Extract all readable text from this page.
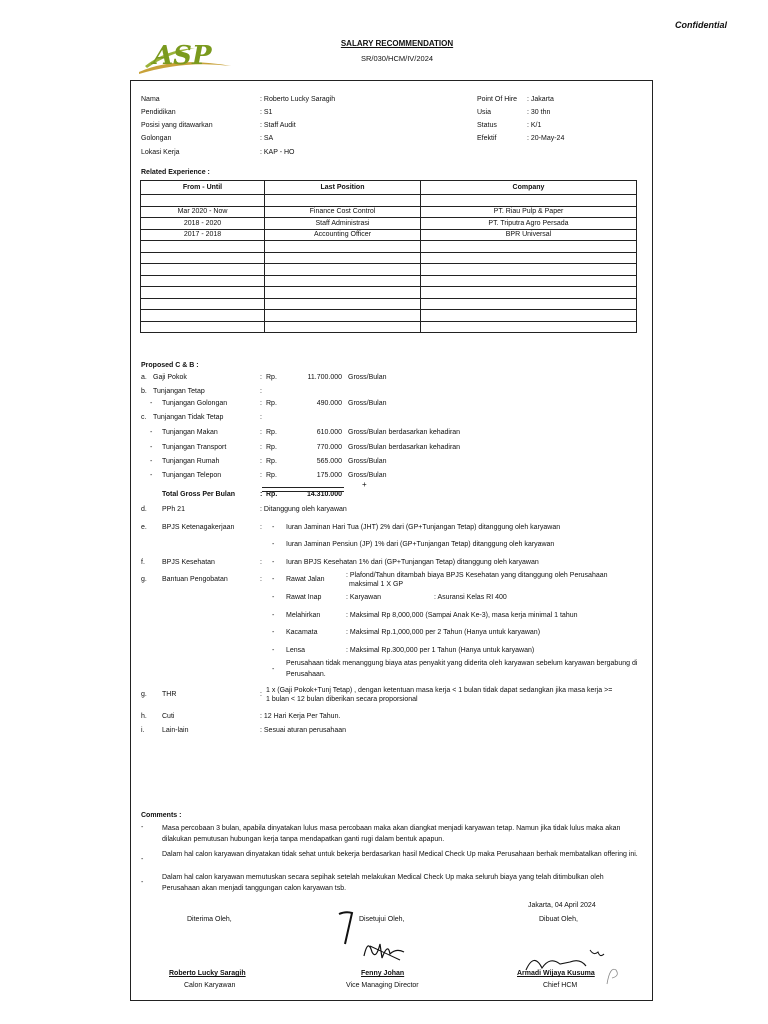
Confidential
ASP	SALARY RECOMMENDATION
SR/030/HCM/IV/2024
Nama	: Roberto Lucky Saragih
Pendidikan	: S1
Posisi yang ditawarkan	: Staff Audit
Golongan	: SA
Lokasi Kerja	: KAP - HO
Point Of Hire : Jakarta
Usia	: 30 thn
Status	: K/1
Efektif	: 20-May-24
Related Experience :
From - Until	Last Position	Company

Mar 2020 - Now	Finance Cost Control	PT. Riau Pulp & Paper
2018 - 2020	Staff Administrasi	PT. Triputra Agro Persada
2017 - 2018	Accounting Officer	BPR Universal

Proposed C & B :
a. Gaji Pokok	: Rp.	11.700.000 Gross/Bulan
b. Tunjangan Tetap	:
- Tunjangan Golongan	: Rp.	490.000 Gross/Bulan
c. Tunjangan Tidak Tetap	:
- Tunjangan Makan	: Rp.	610.000 Gross/Bulan berdasarkan kehadiran
- Tunjangan Transport	: Rp.	770.000 Gross/Bulan berdasarkan kehadiran
- Tunjangan Rumah	: Rp.	565.000 Gross/Bulan
- Tunjangan Telepon	: Rp.	175.000 Gross/Bulan
+
Total Gross Per Bulan	: Rp.	14.310.000
d. PPh 21	: Ditanggung oleh karyawan
e. BPJS Ketenagakerjaan	: - Iuran Jaminan Hari Tua (JHT) 2% dari (GP+Tunjangan Tetap) ditanggung oleh karyawan
- Iuran Jaminan Pensiun (JP) 1% dari (GP+Tunjangan Tetap) ditanggung oleh karyawan
f. BPJS Kesehatan	: - Iuran BPJS Kesehatan 1% dari (GP+Tunjangan Tetap) ditanggung oleh karyawan
g. Bantuan Pengobatan	: - Rawat Jalan
: Plafond/Tahun ditambah biaya BPJS Kesehatan yang ditanggung oleh Perusahaan
maksimal 1 X GP
- Rawat Inap	: Karyawan	: Asuransi Kelas RI 400
- Melahirkan	: Maksimal Rp 8,000,000 (Sampai Anak Ke-3), masa kerja minimal 1 tahun
- Kacamata	: Maksimal Rp.1,000,000 per 2 Tahun (Hanya untuk karyawan)
- Lensa	: Maksimal Rp.300,000 per 1 Tahun (Hanya untuk karyawan)
-
Perusahaan tidak menanggung biaya atas penyakit yang diderita oleh karyawan sebelum karyawan bergabung di
Perusahaan.
g. THR	:
1 x (Gaji Pokok+Tunj Tetap) , dengan ketentuan masa kerja < 1 bulan tidak dapat sedangkan jika masa kerja >=
1 bulan < 12 bulan diberikan secara proporsional
h. Cuti	: 12 Hari Kerja Per Tahun.
i.	Lain-lain	: Sesuai aturan perusahaan
Comments :
-	Masa percobaan 3 bulan, apabila dinyatakan lulus masa percobaan maka akan diangkat menjadi karyawan tetap. Namun jika tidak lulus maka akan dilakukan pemutusan hubungan kerja tanpa mendapatkan ganti rugi dalam bentuk apapun.
-
Dalam hal calon karyawan dinyatakan tidak sehat untuk bekerja berdasarkan hasil Medical Check Up maka Perusahaan berhak membatalkan offering ini.
-
Dalam hal calon karyawan memutuskan secara sepihak setelah melakukan Medical Check Up maka seluruh biaya yang telah ditimbulkan oleh Perusahaan akan menjadi tanggungan calon karyawan tsb.
Jakarta, 04 April 2024
Diterima Oleh,	Disetujui Oleh,	Dibuat Oleh,
Roberto Lucky Saragih
Calon Karyawan
Fenny Johan
Vice Managing Director
Armadi Wijaya Kusuma
Chief HCM
